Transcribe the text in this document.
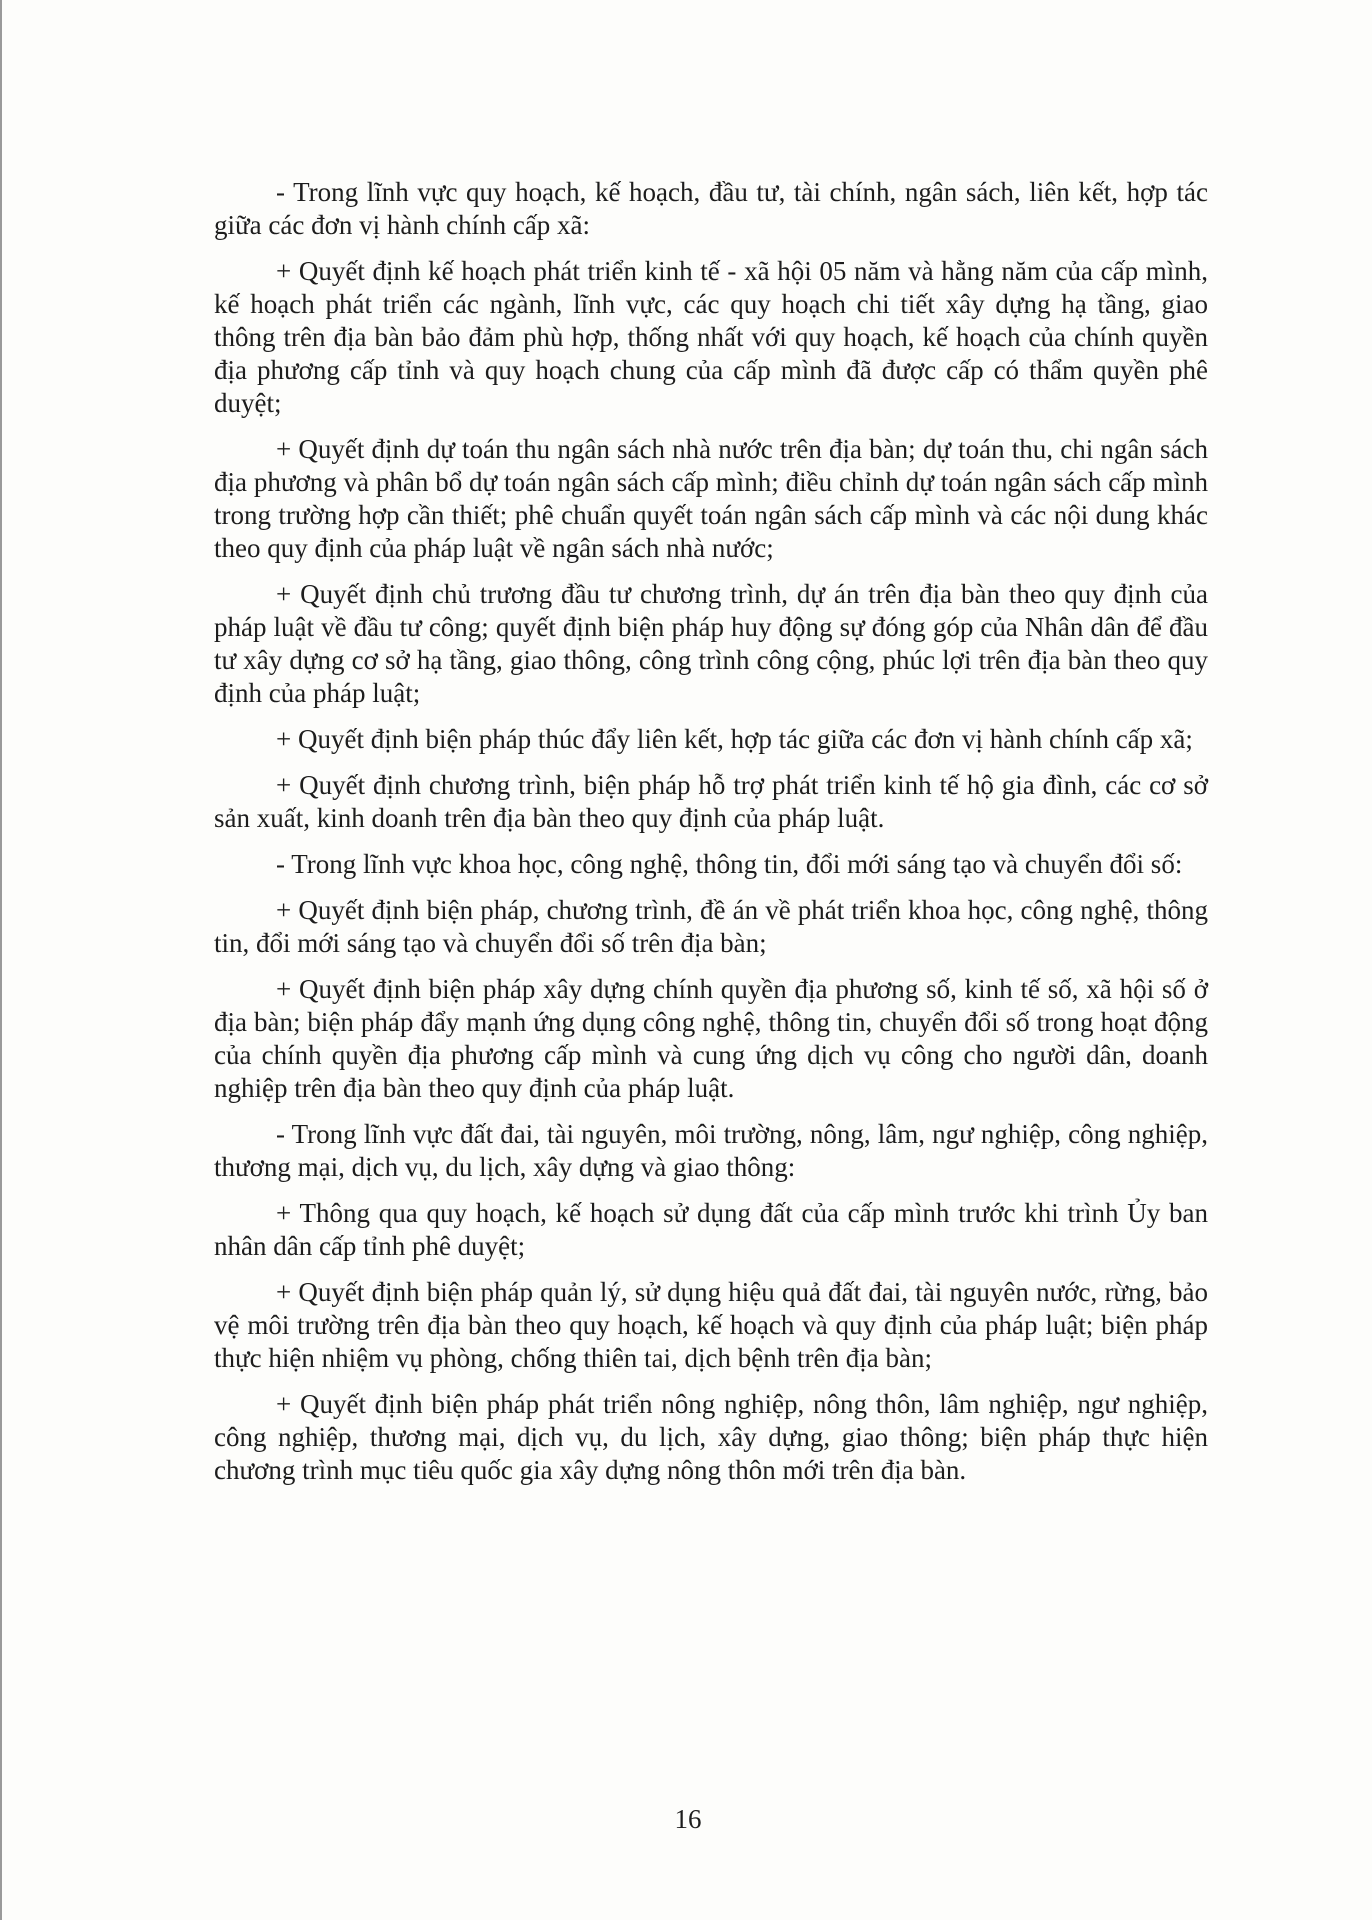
- Trong lĩnh vực quy hoạch, kế hoạch, đầu tư, tài chính, ngân sách, liên kết, hợp tác giữa các đơn vị hành chính cấp xã:

+ Quyết định kế hoạch phát triển kinh tế - xã hội 05 năm và hằng năm của cấp mình, kế hoạch phát triển các ngành, lĩnh vực, các quy hoạch chi tiết xây dựng hạ tầng, giao thông trên địa bàn bảo đảm phù hợp, thống nhất với quy hoạch, kế hoạch của chính quyền địa phương cấp tỉnh và quy hoạch chung của cấp mình đã được cấp có thẩm quyền phê duyệt;

+ Quyết định dự toán thu ngân sách nhà nước trên địa bàn; dự toán thu, chi ngân sách địa phương và phân bổ dự toán ngân sách cấp mình; điều chỉnh dự toán ngân sách cấp mình trong trường hợp cần thiết; phê chuẩn quyết toán ngân sách cấp mình và các nội dung khác theo quy định của pháp luật về ngân sách nhà nước;

+ Quyết định chủ trương đầu tư chương trình, dự án trên địa bàn theo quy định của pháp luật về đầu tư công; quyết định biện pháp huy động sự đóng góp của Nhân dân để đầu tư xây dựng cơ sở hạ tầng, giao thông, công trình công cộng, phúc lợi trên địa bàn theo quy định của pháp luật;

+ Quyết định biện pháp thúc đẩy liên kết, hợp tác giữa các đơn vị hành chính cấp xã;

+ Quyết định chương trình, biện pháp hỗ trợ phát triển kinh tế hộ gia đình, các cơ sở sản xuất, kinh doanh trên địa bàn theo quy định của pháp luật.

- Trong lĩnh vực khoa học, công nghệ, thông tin, đổi mới sáng tạo và chuyển đổi số:

+ Quyết định biện pháp, chương trình, đề án về phát triển khoa học, công nghệ, thông tin, đổi mới sáng tạo và chuyển đổi số trên địa bàn;

+ Quyết định biện pháp xây dựng chính quyền địa phương số, kinh tế số, xã hội số ở địa bàn; biện pháp đẩy mạnh ứng dụng công nghệ, thông tin, chuyển đổi số trong hoạt động của chính quyền địa phương cấp mình và cung ứng dịch vụ công cho người dân, doanh nghiệp trên địa bàn theo quy định của pháp luật.

- Trong lĩnh vực đất đai, tài nguyên, môi trường, nông, lâm, ngư nghiệp, công nghiệp, thương mại, dịch vụ, du lịch, xây dựng và giao thông:

+ Thông qua quy hoạch, kế hoạch sử dụng đất của cấp mình trước khi trình Ủy ban nhân dân cấp tỉnh phê duyệt;

+ Quyết định biện pháp quản lý, sử dụng hiệu quả đất đai, tài nguyên nước, rừng, bảo vệ môi trường trên địa bàn theo quy hoạch, kế hoạch và quy định của pháp luật; biện pháp thực hiện nhiệm vụ phòng, chống thiên tai, dịch bệnh trên địa bàn;

+ Quyết định biện pháp phát triển nông nghiệp, nông thôn, lâm nghiệp, ngư nghiệp, công nghiệp, thương mại, dịch vụ, du lịch, xây dựng, giao thông; biện pháp thực hiện chương trình mục tiêu quốc gia xây dựng nông thôn mới trên địa bàn.

16
